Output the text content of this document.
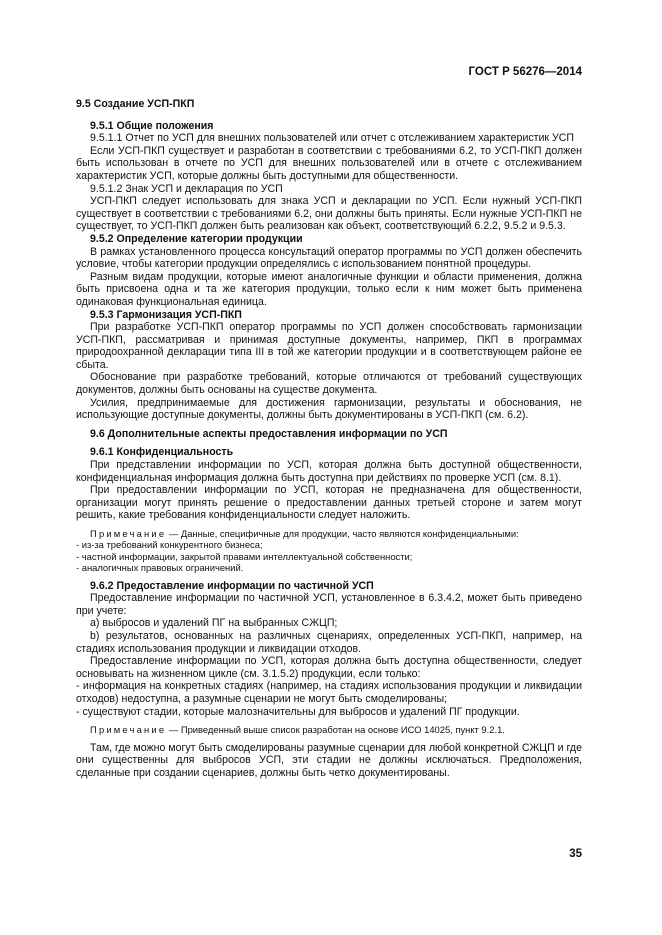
ГОСТ Р 56276—2014

9.5 Создание УСП-ПКП

9.5.1 Общие положения

9.5.1.1 Отчет по УСП для внешних пользователей или отчет с отслеживанием характеристик УСП

Если УСП-ПКП существует и разработан в соответствии с требованиями 6.2, то УСП-ПКП должен быть использован в отчете по УСП для внешних пользователей или в отчете с отслеживанием характеристик УСП, которые должны быть доступными для общественности.

9.5.1.2 Знак УСП и декларация по УСП

УСП-ПКП следует использовать для знака УСП и декларации по УСП. Если нужный УСП-ПКП существует в соответствии с требованиями 6.2, они должны быть приняты. Если нужные УСП-ПКП не существует, то УСП-ПКП должен быть реализован как объект, соответствующий 6.2.2, 9.5.2 и 9.5.3.

9.5.2 Определение категории продукции

В рамках установленного процесса консультаций оператор программы по УСП должен обеспечить условие, чтобы категории продукции определялись с использованием понятной процедуры.

Разным видам продукции, которые имеют аналогичные функции и области применения, должна быть присвоена одна и та же категория продукции, только если к ним может быть применена одинаковая функциональная единица.

9.5.3 Гармонизация УСП-ПКП

При разработке УСП-ПКП оператор программы по УСП должен способствовать гармонизации УСП-ПКП, рассматривая и принимая доступные документы, например, ПКП в программах природоохранной декларации типа III в той же категории продукции и в соответствующем районе ее сбыта.

Обоснование при разработке требований, которые отличаются от требований существующих документов, должны быть основаны на существе документа.

Усилия, предпринимаемые для достижения гармонизации, результаты и обоснования, не использующие доступные документы, должны быть документированы в УСП-ПКП (см. 6.2).

9.6 Дополнительные аспекты предоставления информации по УСП

9.6.1 Конфиденциальность

При представлении информации по УСП, которая должна быть доступной общественности, конфиденциальная информация должна быть доступна при действиях по проверке УСП (см. 8.1).

При предоставлении информации по УСП, которая не предназначена для общественности, организации могут принять решение о предоставлении данных третьей стороне и затем могут решить, какие требования конфиденциальности следует наложить.

Примечание — Данные, специфичные для продукции, часто являются конфиденциальными:

- из-за требований конкурентного бизнеса;

- частной информации, закрытой правами интеллектуальной собственности;

- аналогичных правовых ограничений.

9.6.2 Предоставление информации по частичной УСП

Предоставление информации по частичной УСП, установленное в 6.3.4.2, может быть приведено при учете:

а) выбросов и удалений ПГ на выбранных СЖЦП;

b) результатов, основанных на различных сценариях, определенных УСП-ПКП, например, на стадиях использования продукции и ликвидации отходов.

Предоставление информации по УСП, которая должна быть доступна общественности, следует основывать на жизненном цикле (см. 3.1.5.2) продукции, если только:

- информация на конкретных стадиях (например, на стадиях использования продукции и ликвидации отходов) недоступна, а разумные сценарии не могут быть смоделированы;

- существуют стадии, которые малозначительны для выбросов и удалений ПГ продукции.

Примечание — Приведенный выше список разработан на основе ИСО 14025, пункт 9.2.1.

Там, где можно могут быть смоделированы разумные сценарии для любой конкретной СЖЦП и где они существенны для выбросов УСП, эти стадии не должны исключаться. Предположения, сделанные при создании сценариев, должны быть четко документированы.

35
